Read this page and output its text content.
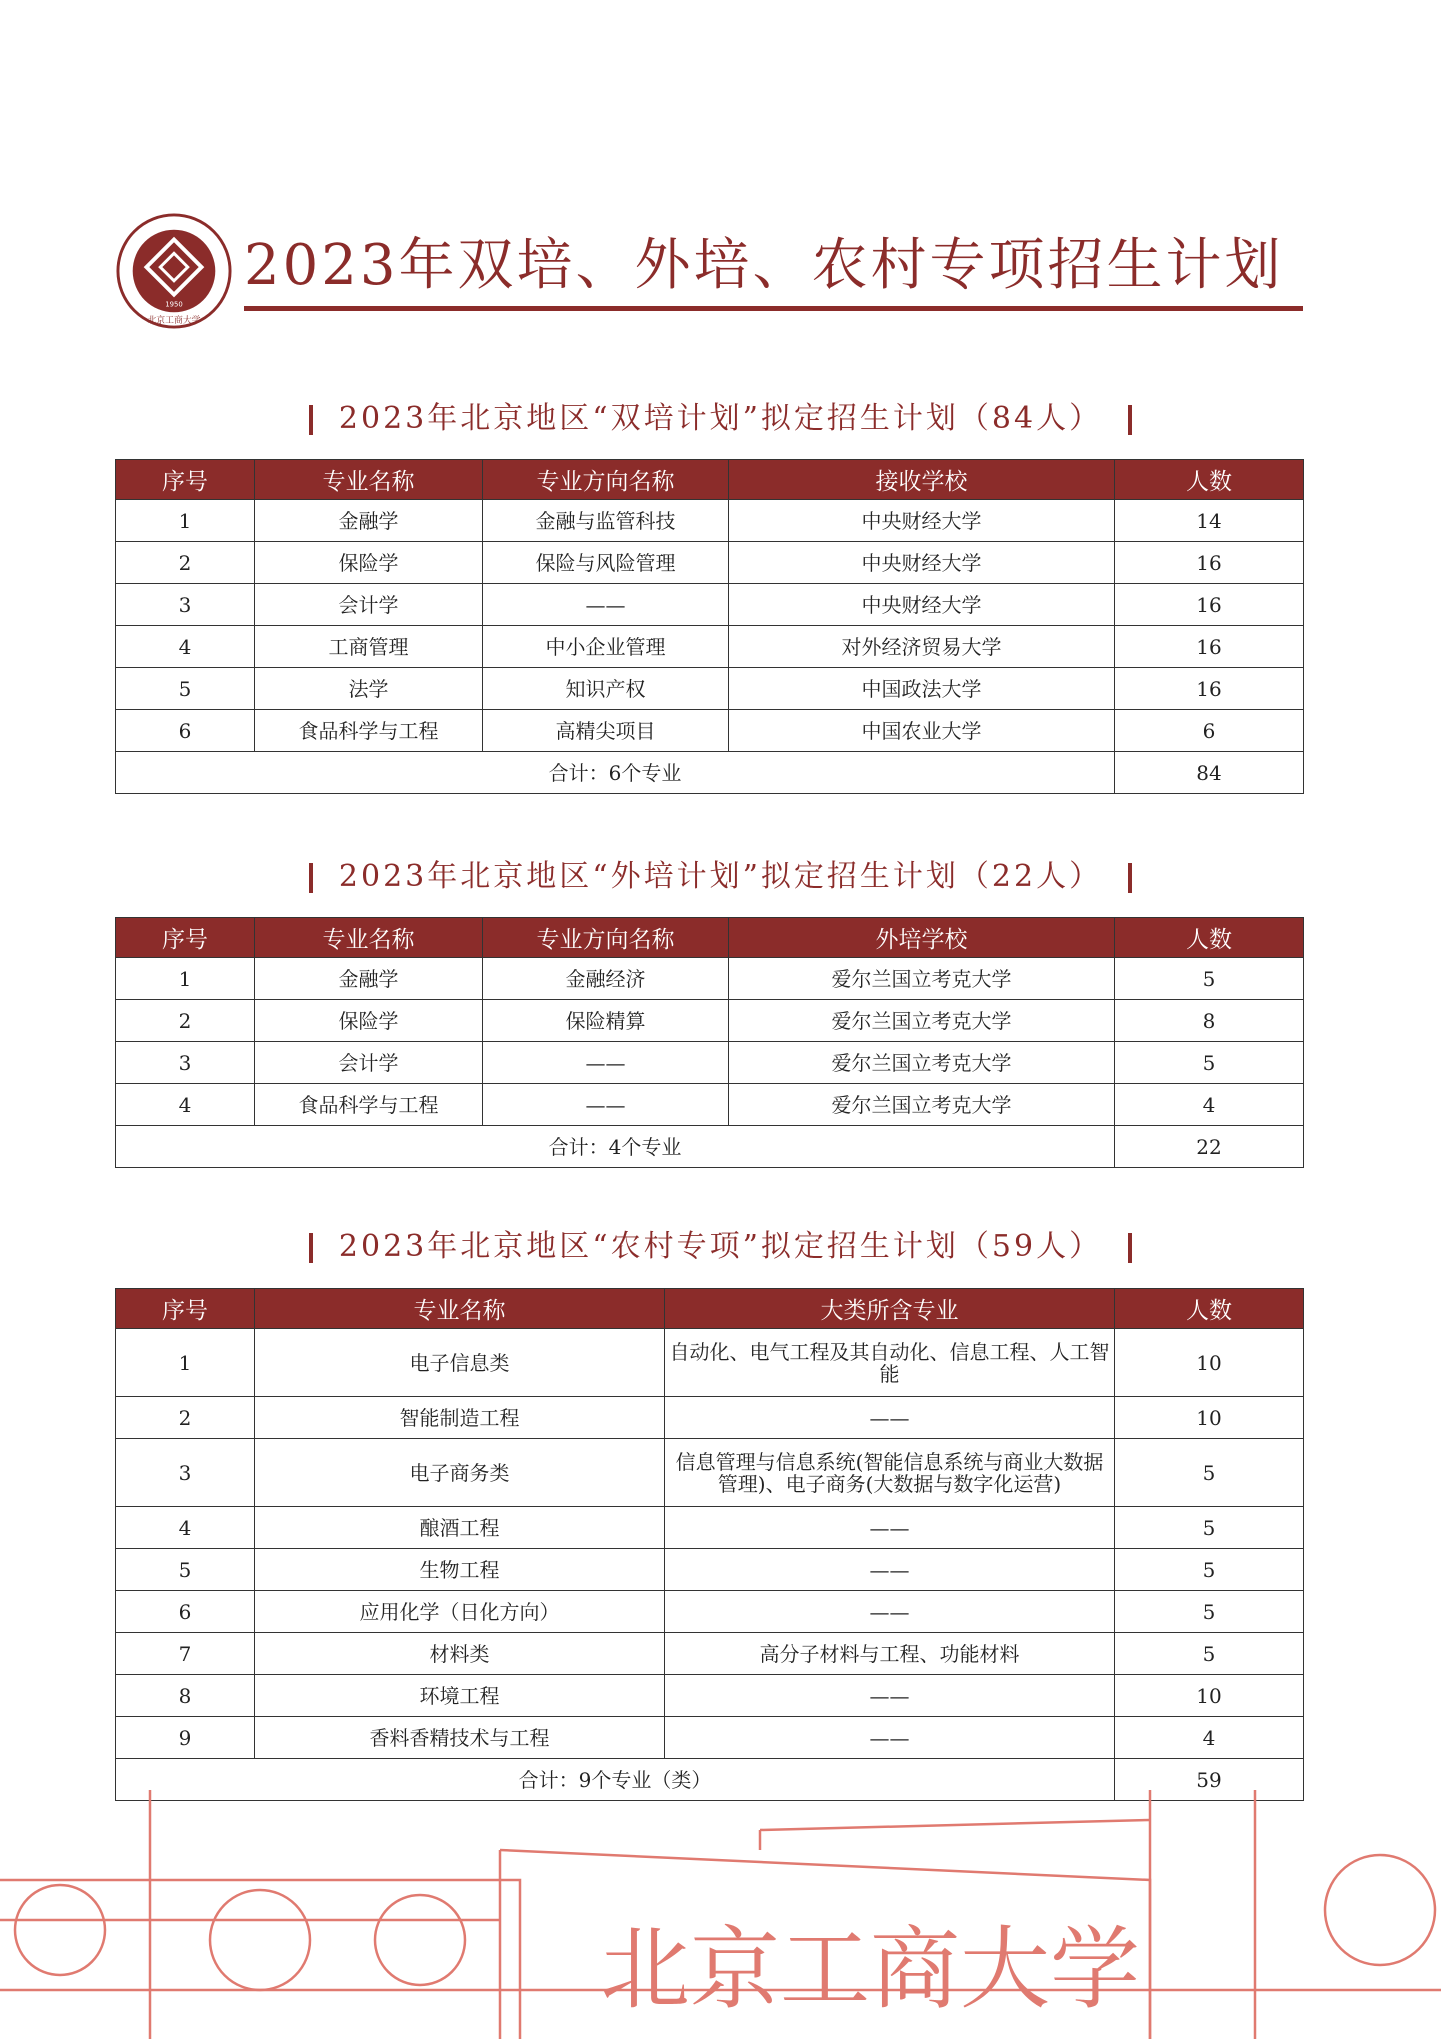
1950
北京工商大学
2023年双培、外培、农村专项招生计划
2023年北京地区“双培计划”拟定招生计划（84人）
序号	专业名称	专业方向名称	接收学校	人数
1	金融学	金融与监管科技	中央财经大学	14
2	保险学	保险与风险管理	中央财经大学	16
3	会计学	——	中央财经大学	16
4	工商管理	中小企业管理	对外经济贸易大学	16
5	法学	知识产权	中国政法大学	16
6	食品科学与工程	高精尖项目	中国农业大学	6
合计：6个专业				84
2023年北京地区“外培计划”拟定招生计划（22人）
序号	专业名称	专业方向名称	外培学校	人数
1	金融学	金融经济	爱尔兰国立考克大学	5
2	保险学	保险精算	爱尔兰国立考克大学	8
3	会计学	——	爱尔兰国立考克大学	5
4	食品科学与工程	——	爱尔兰国立考克大学	4
合计：4个专业				22
2023年北京地区“农村专项”拟定招生计划（59人）
序号	专业名称	大类所含专业	人数
1	电子信息类	自动化、电气工程及其自动化、信息工程、人工智能	10
2	智能制造工程	——	10
3	电子商务类	信息管理与信息系统(智能信息系统与商业大数据管理)、电子商务(大数据与数字化运营)	5
4	酿酒工程	——	5
5	生物工程	——	5
6	应用化学（日化方向）	——	5
7	材料类	高分子材料与工程、功能材料	5
8	环境工程	——	10
9	香料香精技术与工程	——	4
合计：9个专业（类）			59
北京工商大学
